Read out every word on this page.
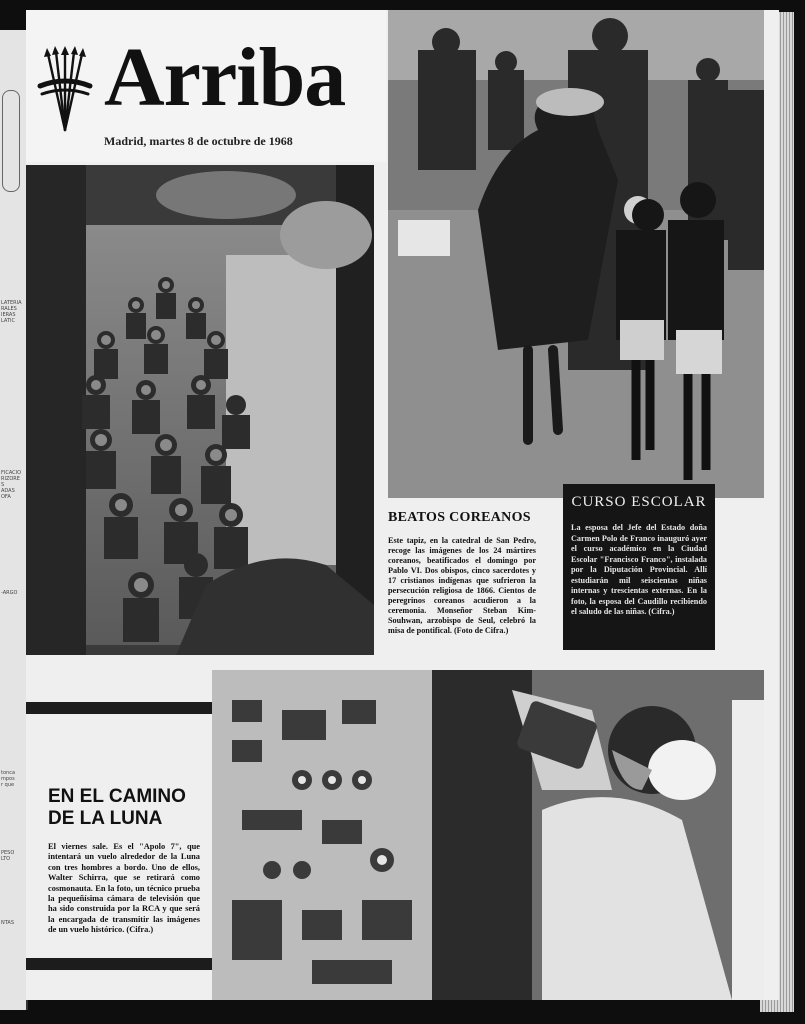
LATERIA
RALES
IERAS
LATIC
FICACIO
RIZORES
ADAS
OFA
-ARGO
tonca
mpos
r que
PESO
LTO
NTAS
Arriba
Madrid, martes 8 de octubre de 1968
BEATOS COREANOS

Este tapiz, en la catedral de San Pedro, recoge las imágenes de los 24 mártires coreanos, beatificados el domingo por Pablo VI. Dos obispos, cinco sacerdotes y 17 cristianos indígenas que sufrieron la persecución religiosa de 1866. Cientos de peregrinos coreanos acudieron a la ceremonia. Monseñor Steban Kim-Souhwan, arzobispo de Seul, celebró la misa de pontifical. (Foto de Cifra.)

CURSO ESCOLAR

La esposa del Jefe del Estado doña Carmen Polo de Franco inauguró ayer el curso académico en la Ciudad Escolar "Francisco Franco", instalada por la Diputación Provincial. Allí estudiarán mil seiscientas niñas internas y trescientas externas. En la foto, la esposa del Caudillo recibiendo el saludo de las niñas. (Cifra.)

EN EL CAMINO DE LA LUNA

El viernes sale. Es el "Apolo 7", que intentará un vuelo alrededor de la Luna con tres hombres a bordo. Uno de ellos, Walter Schirra, que se retirará como cosmonauta. En la foto, un técnico prueba la pequeñísima cámara de televisión que ha sido construida por la RCA y que será la encargada de transmitir las imágenes de un vuelo histórico. (Cifra.)
